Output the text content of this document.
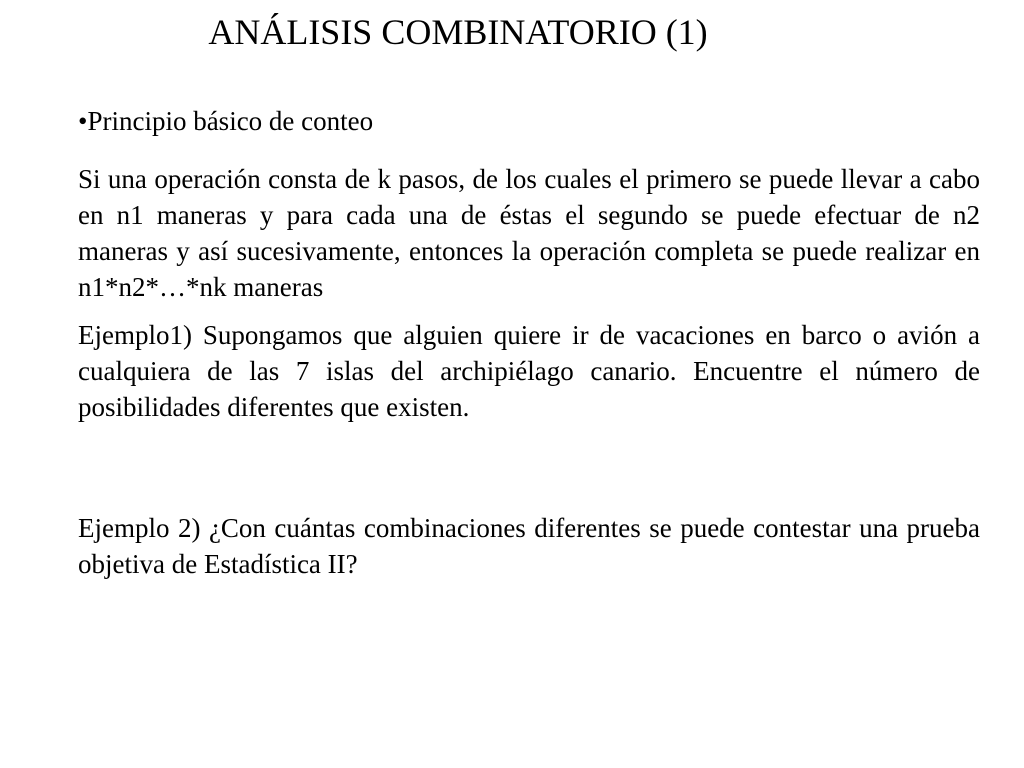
ANÁLISIS COMBINATORIO (1)
•Principio básico de conteo

Si una operación consta de k pasos, de los cuales el primero se puede llevar a cabo en n1 maneras y para cada una de éstas el segundo se puede efectuar de n2 maneras y así sucesivamente, entonces la operación completa se puede realizar en

n1*n2*…*nk maneras

Ejemplo1) Supongamos que alguien quiere ir de vacaciones en barco o avión a cualquiera de las 7 islas del archipiélago canario. Encuentre el número de posibilidades diferentes que existen.

Ejemplo 2) ¿Con cuántas combinaciones diferentes se puede contestar una prueba objetiva de Estadística II?
